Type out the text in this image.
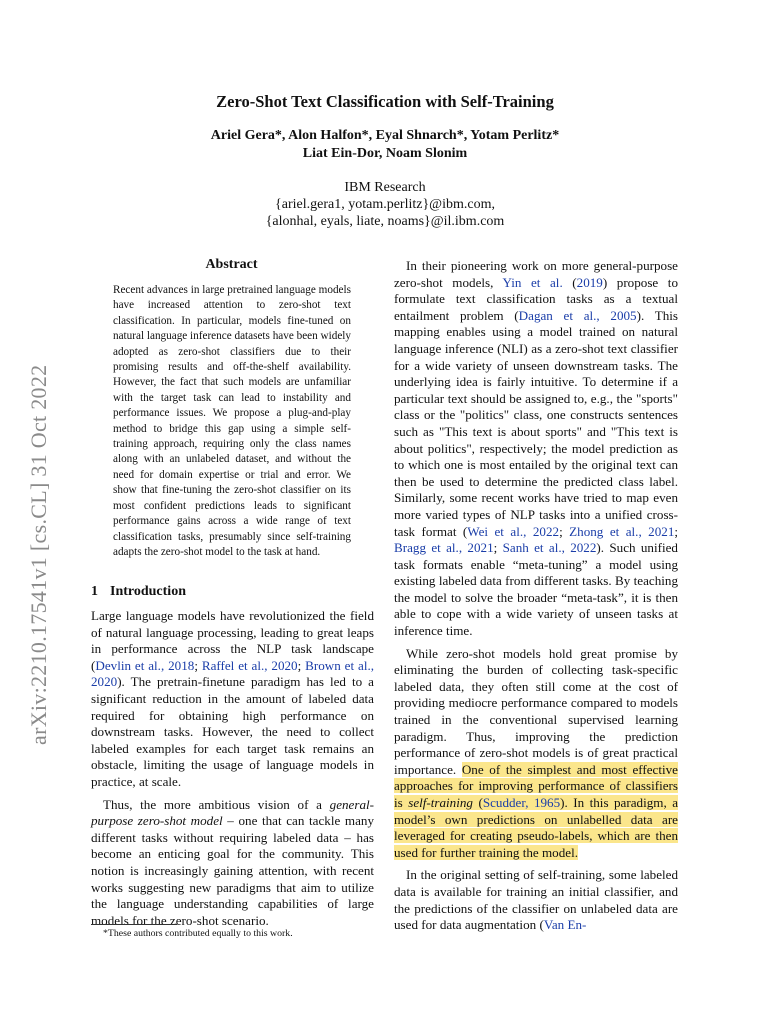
arXiv:2210.17541v1 [cs.CL] 31 Oct 2022
Zero-Shot Text Classification with Self-Training
Ariel Gera*, Alon Halfon*, Eyal Shnarch*, Yotam Perlitz*
Liat Ein-Dor, Noam Slonim
IBM Research
{ariel.gera1, yotam.perlitz}@ibm.com,
{alonhal, eyals, liate, noams}@il.ibm.com
Abstract
Recent advances in large pretrained language models have increased attention to zero-shot text classification. In particular, models fine-tuned on natural language inference datasets have been widely adopted as zero-shot classifiers due to their promising results and off-the-shelf availability. However, the fact that such models are unfamiliar with the target task can lead to instability and performance issues. We propose a plug-and-play method to bridge this gap using a simple self-training approach, requiring only the class names along with an unlabeled dataset, and without the need for domain expertise or trial and error. We show that fine-tuning the zero-shot classifier on its most confident predictions leads to significant performance gains across a wide range of text classification tasks, presumably since self-training adapts the zero-shot model to the task at hand.
1 Introduction

Large language models have revolutionized the field of natural language processing, leading to great leaps in performance across the NLP task landscape (Devlin et al., 2018; Raffel et al., 2020; Brown et al., 2020). The pretrain-finetune paradigm has led to a significant reduction in the amount of labeled data required for obtaining high performance on downstream tasks. However, the need to collect labeled examples for each target task remains an obstacle, limiting the usage of language models in practice, at scale.

Thus, the more ambitious vision of a general-purpose zero-shot model – one that can tackle many different tasks without requiring labeled data – has become an enticing goal for the community. This notion is increasingly gaining attention, with recent works suggesting new paradigms that aim to utilize the language understanding capabilities of large models for the zero-shot scenario.

In their pioneering work on more general-purpose zero-shot models, Yin et al. (2019) propose to formulate text classification tasks as a textual entailment problem (Dagan et al., 2005). This mapping enables using a model trained on natural language inference (NLI) as a zero-shot text classifier for a wide variety of unseen downstream tasks. The underlying idea is fairly intuitive. To determine if a particular text should be assigned to, e.g., the "sports" class or the "politics" class, one constructs sentences such as "This text is about sports" and "This text is about politics", respectively; the model prediction as to which one is most entailed by the original text can then be used to determine the predicted class label. Similarly, some recent works have tried to map even more varied types of NLP tasks into a unified cross-task format (Wei et al., 2022; Zhong et al., 2021; Bragg et al., 2021; Sanh et al., 2022). Such unified task formats enable “meta-tuning” a model using existing labeled data from different tasks. By teaching the model to solve the broader “meta-task”, it is then able to cope with a wide variety of unseen tasks at inference time.

While zero-shot models hold great promise by eliminating the burden of collecting task-specific labeled data, they often still come at the cost of providing mediocre performance compared to models trained in the conventional supervised learning paradigm. Thus, improving the prediction performance of zero-shot models is of great practical importance. One of the simplest and most effective approaches for improving performance of classifiers is self-training (Scudder, 1965). In this paradigm, a model’s own predictions on unlabelled data are leveraged for creating pseudo-labels, which are then used for further training the model.

In the original setting of self-training, some labeled data is available for training an initial classifier, and the predictions of the classifier on unlabeled data are used for data augmentation (Van En-

*These authors contributed equally to this work.
